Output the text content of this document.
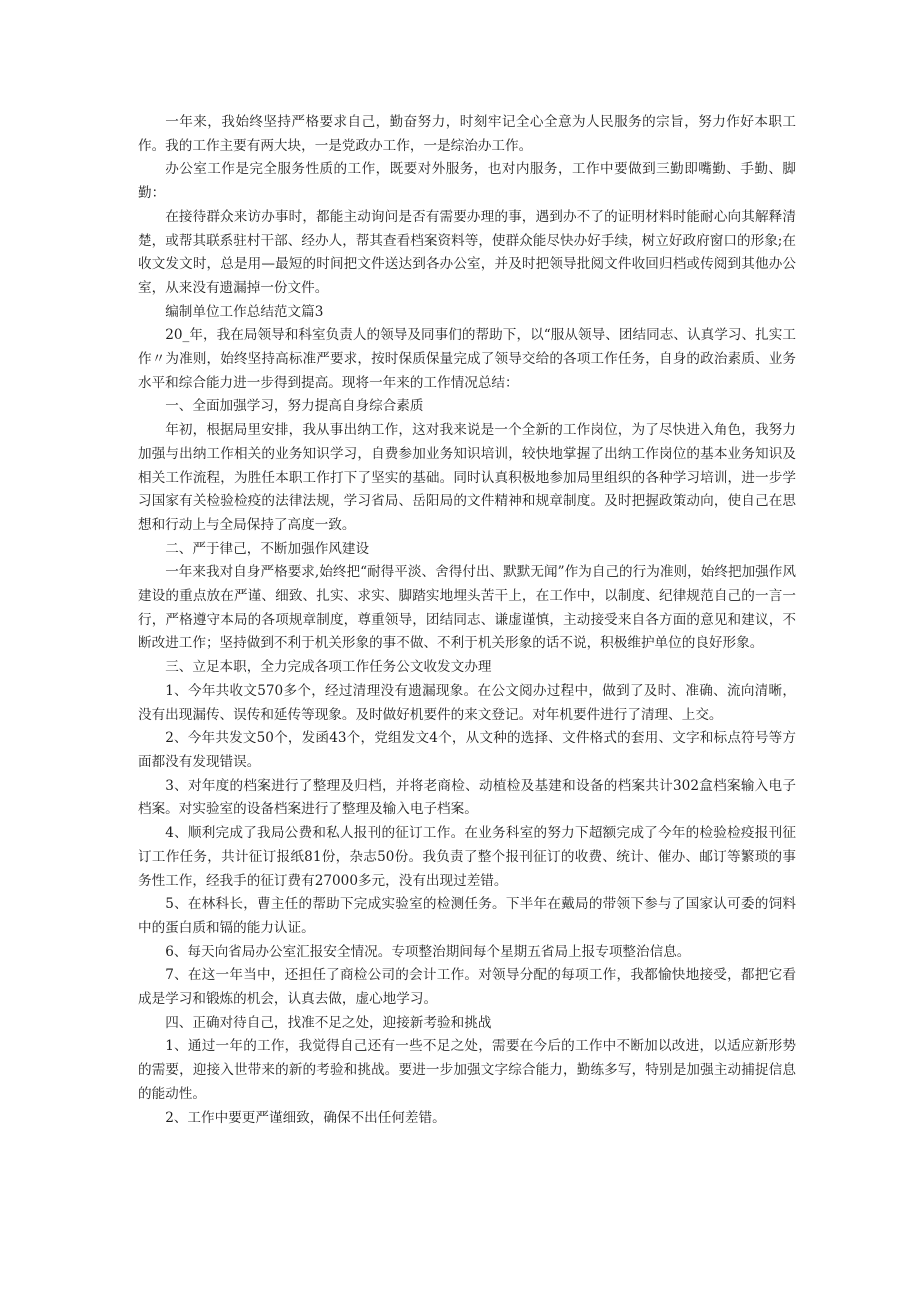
一年来，我始终坚持严格要求自己，勤奋努力，时刻牢记全心全意为人民服务的宗旨，努力作好本职工作。我的工作主要有两大块，一是党政办工作，一是综治办工作。

办公室工作是完全服务性质的工作，既要对外服务，也对内服务，工作中要做到三勤即嘴勤、手勤、脚勤：

在接待群众来访办事时，都能主动询问是否有需要办理的事，遇到办不了的证明材料时能耐心向其解释清楚，或帮其联系驻村干部、经办人，帮其查看档案资料等，使群众能尽快办好手续，树立好政府窗口的形象;在收文发文时，总是用—最短的时间把文件送达到各办公室，并及时把领导批阅文件收回归档或传阅到其他办公室，从来没有遗漏掉一份文件。

编制单位工作总结范文篇3

20_年，我在局领导和科室负责人的领导及同事们的帮助下，以“服从领导、团结同志、认真学习、扎实工作〃为准则，始终坚持高标准严要求，按时保质保量完成了领导交给的各项工作任务，自身的政治素质、业务水平和综合能力进一步得到提高。现将一年来的工作情况总结：

一、全面加强学习，努力提高自身综合素质

年初，根据局里安排，我从事出纳工作，这对我来说是一个全新的工作岗位，为了尽快进入角色，我努力加强与出纳工作相关的业务知识学习，自费参加业务知识培训，较快地掌握了出纳工作岗位的基本业务知识及相关工作流程，为胜任本职工作打下了坚实的基础。同时认真积极地参加局里组织的各种学习培训，进一步学习国家有关检验检疫的法律法规，学习省局、岳阳局的文件精神和规章制度。及时把握政策动向，使自己在思想和行动上与全局保持了高度一致。

二、严于律己，不断加强作风建设

一年来我对自身严格要求,始终把“耐得平淡、舍得付出、默默无闻”作为自己的行为准则，始终把加强作风建设的重点放在严谨、细致、扎实、求实、脚踏实地埋头苦干上，在工作中，以制度、纪律规范自己的一言一行，严格遵守本局的各项规章制度，尊重领导，团结同志、谦虚谨慎，主动接受来自各方面的意见和建议，不断改进工作；坚持做到不利于机关形象的事不做、不利于机关形象的话不说，积极维护单位的良好形象。

三、立足本职，全力完成各项工作任务公文收发文办理

1、今年共收文570多个，经过清理没有遗漏现象。在公文阅办过程中，做到了及时、准确、流向清晰，没有出现漏传、误传和延传等现象。及时做好机要件的来文登记。对年机要件进行了清理、上交。

2、今年共发文50个，发函43个，党组发文4个，从文种的选择、文件格式的套用、文字和标点符号等方面都没有发现错误。

3、对年度的档案进行了整理及归档，并将老商检、动植检及基建和设备的档案共计302盒档案输入电子档案。对实验室的设备档案进行了整理及输入电子档案。

4、顺利完成了我局公费和私人报刊的征订工作。在业务科室的努力下超额完成了今年的检验检疫报刊征订工作任务，共计征订报纸81份，杂志50份。我负责了整个报刊征订的收费、统计、催办、邮订等繁琐的事务性工作，经我手的征订费有27000多元，没有出现过差错。

5、在林科长，曹主任的帮助下完成实验室的检测任务。下半年在戴局的带领下参与了国家认可委的饲料中的蛋白质和镉的能力认证。

6、每天向省局办公室汇报安全情况。专项整治期间每个星期五省局上报专项整治信息。

7、在这一年当中，还担任了商检公司的会计工作。对领导分配的每项工作，我都愉快地接受，都把它看成是学习和锻炼的机会，认真去做，虚心地学习。

四、正确对待自己，找准不足之处，迎接新考验和挑战

1、通过一年的工作，我觉得自己还有一些不足之处，需要在今后的工作中不断加以改进，以适应新形势的需要，迎接入世带来的新的考验和挑战。要进一步加强文字综合能力，勤练多写，特别是加强主动捕捉信息的能动性。

2、工作中要更严谨细致，确保不出任何差错。
